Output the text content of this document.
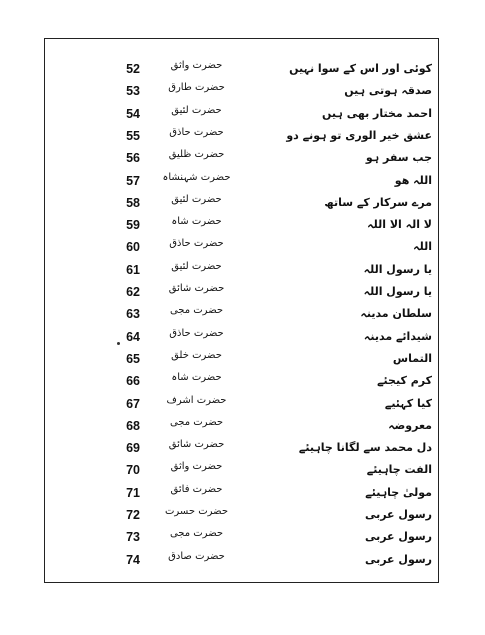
52	حضرت واثق	کوئی اور اس کے سوا نہیں
53	حضرت طارق	صدقہ ہوتی ہیں
54	حضرت لئیق	احمد مختار بھی ہیں
55	حضرت حاذق	عشق خیر الوری تو ہونے دو
56	حضرت ظلیق	جب سفر ہو
57	حضرت شہنشاہ	اللہ ھو
58	حضرت لئیق	مرے سرکار کے ساتھ
59	حضرت شاہ	لا الہ الا اللہ
60	حضرت حاذق	اللہ
61	حضرت لئیق	یا رسول اللہ
62	حضرت شائق	یا رسول اللہ
63	حضرت مجی	سلطان مدینہ
64	حضرت حاذق	شیدائے مدینہ
65	حضرت خلق	التماس
66	حضرت شاہ	کرم کیجئے
67	حضرت اشرف	کیا کہئیے
68	حضرت مجی	معروضہ
69	حضرت شائق	دل محمد سے لگانا چاہیئے
70	حضرت واثق	الفت چاہیئے
71	حضرت فائق	مولیٰ چاہیئے
72	حضرت حسرت	رسول عربی
73	حضرت مجی	رسول عربی
74	حضرت صادق	رسول عربی
